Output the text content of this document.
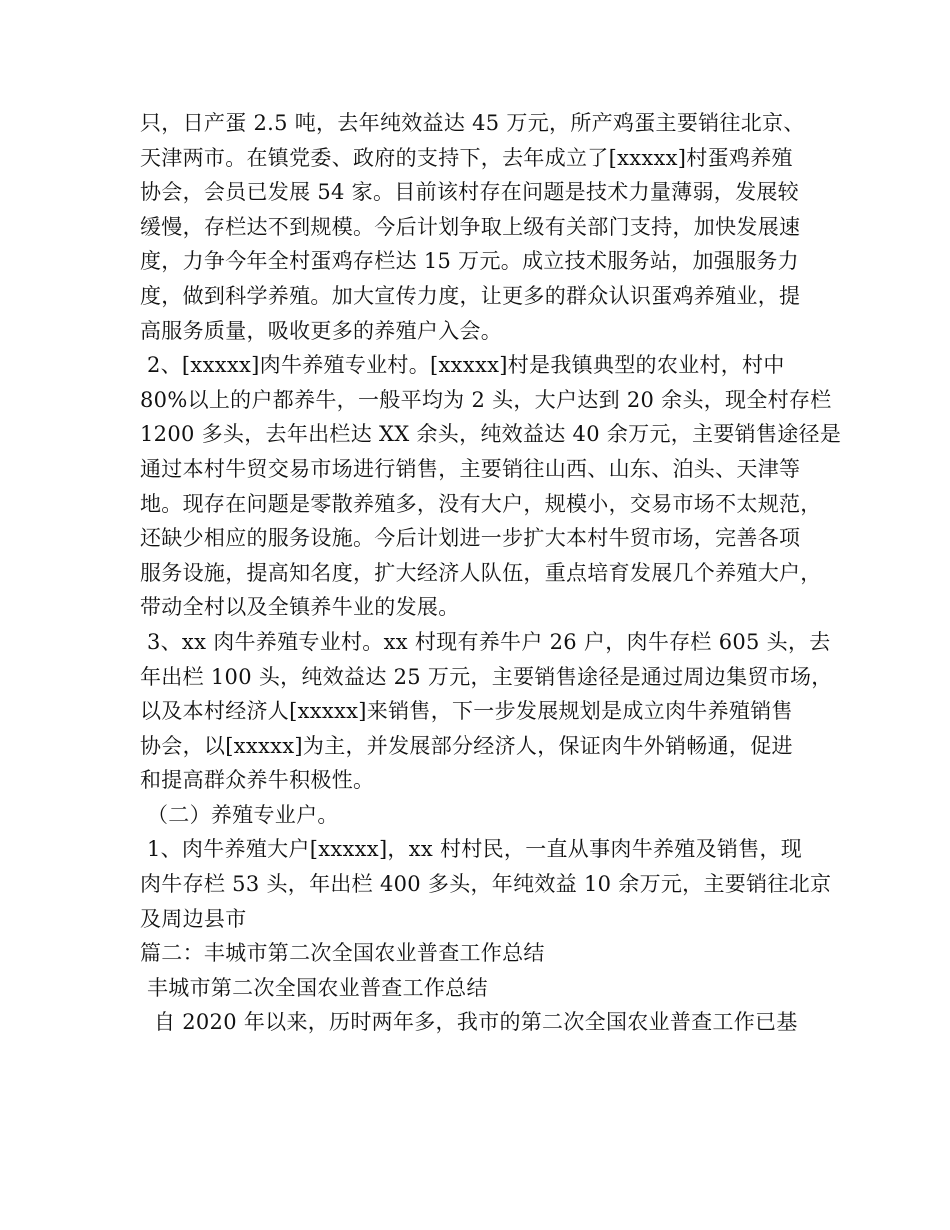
只，日产蛋 2.5 吨，去年纯效益达 45 万元，所产鸡蛋主要销往北京、
天津两市。在镇党委、政府的支持下，去年成立了[xxxxx]村蛋鸡养殖
协会，会员已发展 54 家。目前该村存在问题是技术力量薄弱，发展较
缓慢，存栏达不到规模。今后计划争取上级有关部门支持，加快发展速
度，力争今年全村蛋鸡存栏达 15 万元。成立技术服务站，加强服务力
度，做到科学养殖。加大宣传力度，让更多的群众认识蛋鸡养殖业，提
高服务质量，吸收更多的养殖户入会。
2、[xxxxx]肉牛养殖专业村。[xxxxx]村是我镇典型的农业村，村中
80%以上的户都养牛，一般平均为 2 头，大户达到 20 余头，现全村存栏
1200 多头，去年出栏达 XX 余头，纯效益达 40 余万元，主要销售途径是
通过本村牛贸交易市场进行销售，主要销往山西、山东、泊头、天津等
地。现存在问题是零散养殖多，没有大户，规模小，交易市场不太规范，
还缺少相应的服务设施。今后计划进一步扩大本村牛贸市场，完善各项
服务设施，提高知名度，扩大经济人队伍，重点培育发展几个养殖大户，
带动全村以及全镇养牛业的发展。
3、xx 肉牛养殖专业村。xx 村现有养牛户 26 户，肉牛存栏 605 头，去
年出栏 100 头，纯效益达 25 万元，主要销售途径是通过周边集贸市场，
以及本村经济人[xxxxx]来销售，下一步发展规划是成立肉牛养殖销售
协会，以[xxxxx]为主，并发展部分经济人，保证肉牛外销畅通，促进
和提高群众养牛积极性。
（二）养殖专业户。
1、肉牛养殖大户[xxxxx]，xx 村村民，一直从事肉牛养殖及销售，现
肉牛存栏 53 头，年出栏 400 多头，年纯效益 10 余万元，主要销往北京
及周边县市
篇二：丰城市第二次全国农业普查工作总结
丰城市第二次全国农业普查工作总结
自 2020 年以来，历时两年多，我市的第二次全国农业普查工作已基
